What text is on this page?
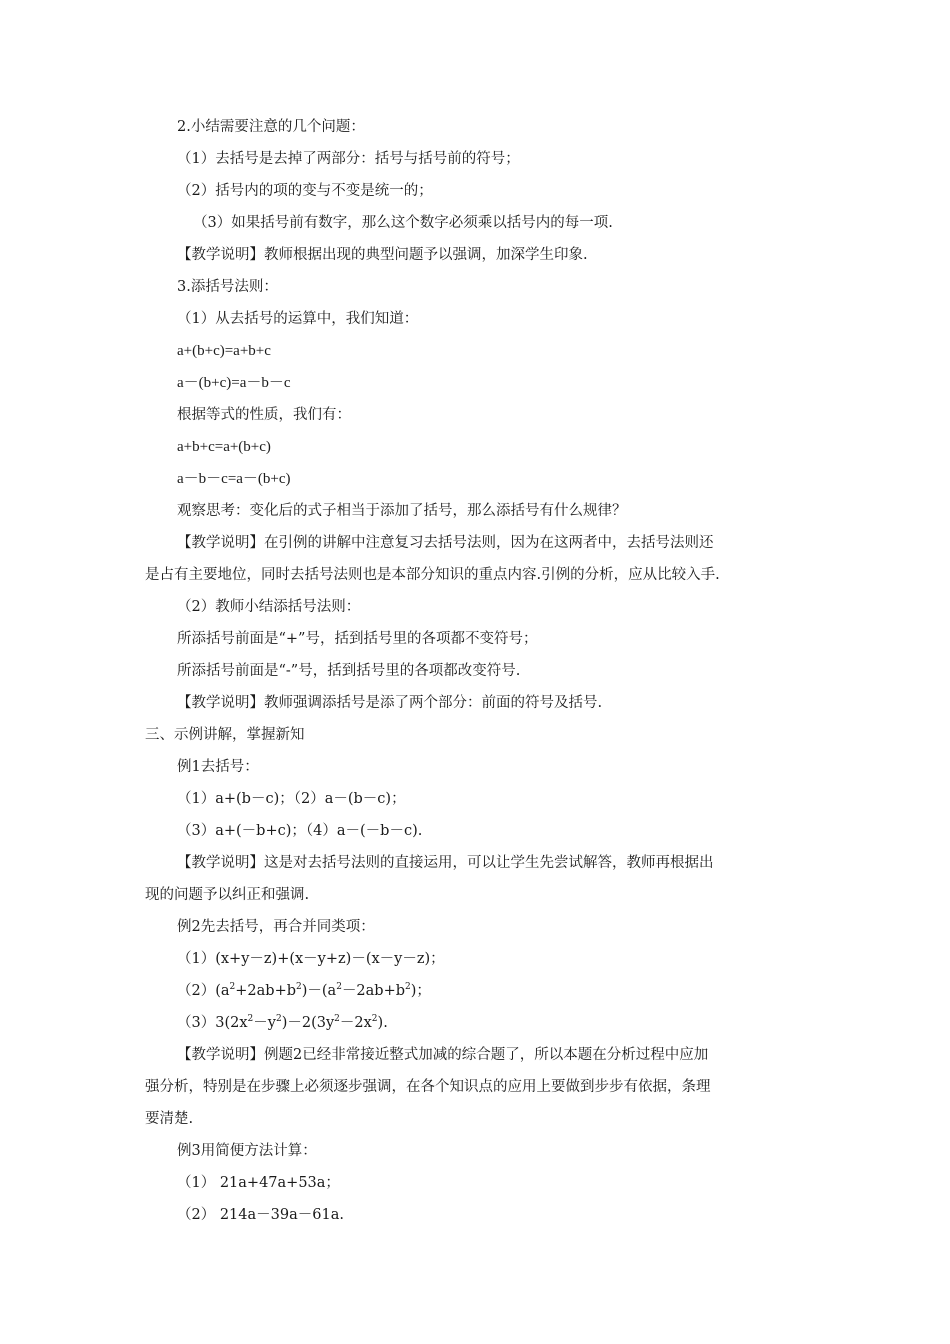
2.小结需要注意的几个问题：
（1）去括号是去掉了两部分：括号与括号前的符号；
（2）括号内的项的变与不变是统一的；
（3）如果括号前有数字，那么这个数字必须乘以括号内的每一项.
【教学说明】教师根据出现的典型问题予以强调，加深学生印象.
3.添括号法则：
（1）从去括号的运算中，我们知道：
a+(b+c)=a+b+c
a－(b+c)=a－b－c
根据等式的性质，我们有：
a+b+c=a+(b+c)
a－b－c=a－(b+c)
观察思考：变化后的式子相当于添加了括号，那么添括号有什么规律？
【教学说明】在引例的讲解中注意复习去括号法则，因为在这两者中，去括号法则还
是占有主要地位，同时去括号法则也是本部分知识的重点内容.引例的分析，应从比较入手.
（2）教师小结添括号法则：
所添括号前面是“+”号，括到括号里的各项都不变符号；
所添括号前面是“-”号，括到括号里的各项都改变符号.
【教学说明】教师强调添括号是添了两个部分：前面的符号及括号.
三、示例讲解，掌握新知
例1去括号：
（1）a+(b－c)；（2）a－(b－c)；
（3）a+(－b+c)；（4）a－(－b－c).
【教学说明】这是对去括号法则的直接运用，可以让学生先尝试解答，教师再根据出
现的问题予以纠正和强调.
例2先去括号，再合并同类项：
（1）(x+y－z)+(x－y+z)－(x－y－z)；
$(2)(a^2+2ab+b^2)-(a^2-2ab+b^2)$；
$(3)3(2x^2-y^2)-2(3y^2-2x^2)$.
【教学说明】例题2已经非常接近整式加减的综合题了，所以本题在分析过程中应加
强分析，特别是在步骤上必须逐步强调，在各个知识点的应用上要做到步步有依据，条理
要清楚.
例3用简便方法计算：
（1） 21a+47a+53a；
（2） 214a－39a－61a.
